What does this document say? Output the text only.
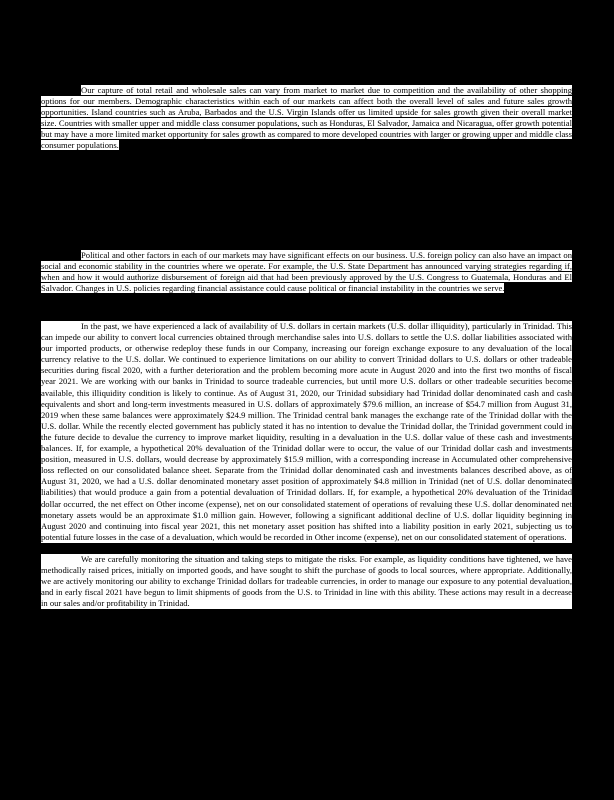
Our capture of total retail and wholesale sales can vary from market to market due to competition and the availability of other shopping options for our members. Demographic characteristics within each of our markets can affect both the overall level of sales and future sales growth opportunities. Island countries such as Aruba, Barbados and the U.S. Virgin Islands offer us limited upside for sales growth given their overall market size. Countries with smaller upper and middle class consumer populations, such as Honduras, El Salvador, Jamaica and Nicaragua, offer growth potential but may have a more limited market opportunity for sales growth as compared to more developed countries with larger or growing upper and middle class consumer populations.

Political and other factors in each of our markets may have significant effects on our business. U.S. foreign policy can also have an impact on social and economic stability in the countries where we operate. For example, the U.S. State Department has announced varying strategies regarding if, when and how it would authorize disbursement of foreign aid that had been previously approved by the U.S. Congress to Guatemala, Honduras and El Salvador. Changes in U.S. policies regarding financial assistance could cause political or financial instability in the countries we serve.

In the past, we have experienced a lack of availability of U.S. dollars in certain markets (U.S. dollar illiquidity), particularly in Trinidad. This can impede our ability to convert local currencies obtained through merchandise sales into U.S. dollars to settle the U.S. dollar liabilities associated with our imported products, or otherwise redeploy these funds in our Company, increasing our foreign exchange exposure to any devaluation of the local currency relative to the U.S. dollar. We continued to experience limitations on our ability to convert Trinidad dollars to U.S. dollars or other tradeable securities during fiscal 2020, with a further deterioration and the problem becoming more acute in August 2020 and into the first two months of fiscal year 2021. We are working with our banks in Trinidad to source tradeable currencies, but until more U.S. dollars or other tradeable securities become available, this illiquidity condition is likely to continue. As of August 31, 2020, our Trinidad subsidiary had Trinidad dollar denominated cash and cash equivalents and short and long-term investments measured in U.S. dollars of approximately $79.6 million, an increase of $54.7 million from August 31, 2019 when these same balances were approximately $24.9 million. The Trinidad central bank manages the exchange rate of the Trinidad dollar with the U.S. dollar. While the recently elected government has publicly stated it has no intention to devalue the Trinidad dollar, the Trinidad government could in the future decide to devalue the currency to improve market liquidity, resulting in a devaluation in the U.S. dollar value of these cash and investments balances. If, for example, a hypothetical 20% devaluation of the Trinidad dollar were to occur, the value of our Trinidad dollar cash and investments position, measured in U.S. dollars, would decrease by approximately $15.9 million, with a corresponding increase in Accumulated other comprehensive loss reflected on our consolidated balance sheet. Separate from the Trinidad dollar denominated cash and investments balances described above, as of August 31, 2020, we had a U.S. dollar denominated monetary asset position of approximately $4.8 million in Trinidad (net of U.S. dollar denominated liabilities) that would produce a gain from a potential devaluation of Trinidad dollars. If, for example, a hypothetical 20% devaluation of the Trinidad dollar occurred, the net effect on Other income (expense), net on our consolidated statement of operations of revaluing these U.S. dollar denominated net monetary assets would be an approximate $1.0 million gain. However, following a significant additional decline of U.S. dollar liquidity beginning in August 2020 and continuing into fiscal year 2021, this net monetary asset position has shifted into a liability position in early 2021, subjecting us to potential future losses in the case of a devaluation, which would be recorded in Other income (expense), net on our consolidated statement of operations.

We are carefully monitoring the situation and taking steps to mitigate the risks. For example, as liquidity conditions have tightened, we have methodically raised prices, initially on imported goods, and have sought to shift the purchase of goods to local sources, where appropriate. Additionally, we are actively monitoring our ability to exchange Trinidad dollars for tradeable currencies, in order to manage our exposure to any potential devaluation, and in early fiscal 2021 have begun to limit shipments of goods from the U.S. to Trinidad in line with this ability. These actions may result in a decrease in our sales and/or profitability in Trinidad.
